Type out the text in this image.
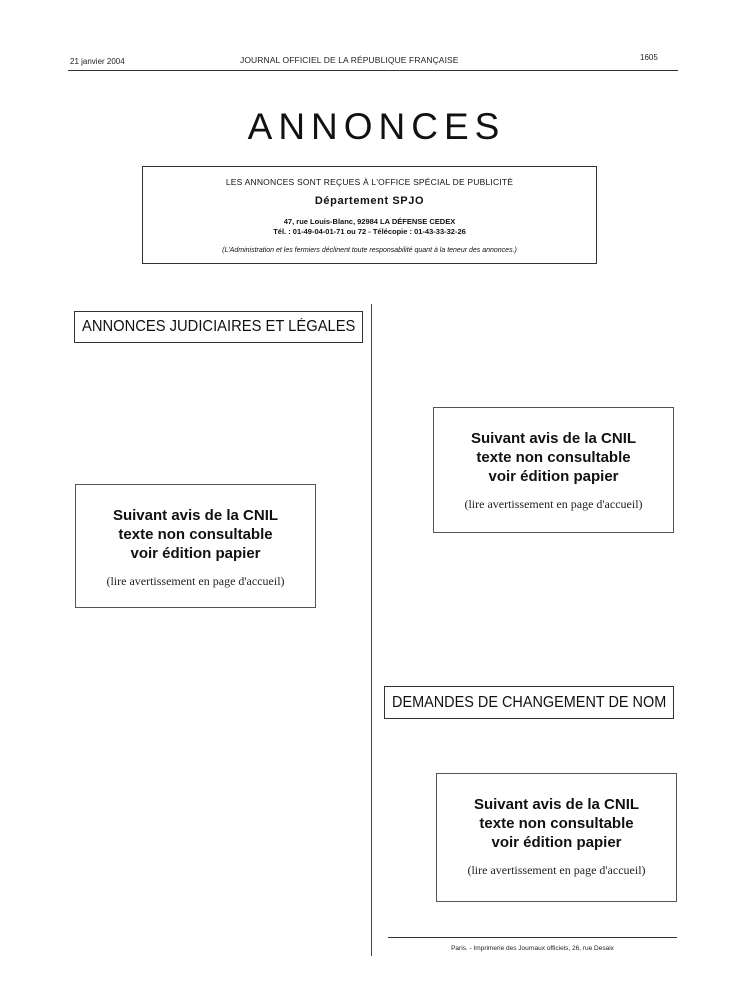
21 janvier 2004	JOURNAL OFFICIEL DE LA RÉPUBLIQUE FRANÇAISE	1605
ANNONCES
LES ANNONCES SONT REÇUES À L'OFFICE SPÉCIAL DE PUBLICITÉ
Département SPJO
47, rue Louis-Blanc, 92984 LA DÉFENSE CEDEX
Tél. : 01-49-04-01-71 ou 72 - Télécopie : 01-43-33-32-26
(L'Administration et les fermiers déclinent toute responsabilité quant à la teneur des annonces.)
ANNONCES JUDICIAIRES ET LÉGALES
Suivant avis de la CNIL
texte non consultable
voir édition papier
(lire avertissement en page d'accueil)
Suivant avis de la CNIL
texte non consultable
voir édition papier
(lire avertissement en page d'accueil)
DEMANDES DE CHANGEMENT DE NOM
Suivant avis de la CNIL
texte non consultable
voir édition papier
(lire avertissement en page d'accueil)
Paris. - Imprimerie des Journaux officiels, 26, rue Desaix
